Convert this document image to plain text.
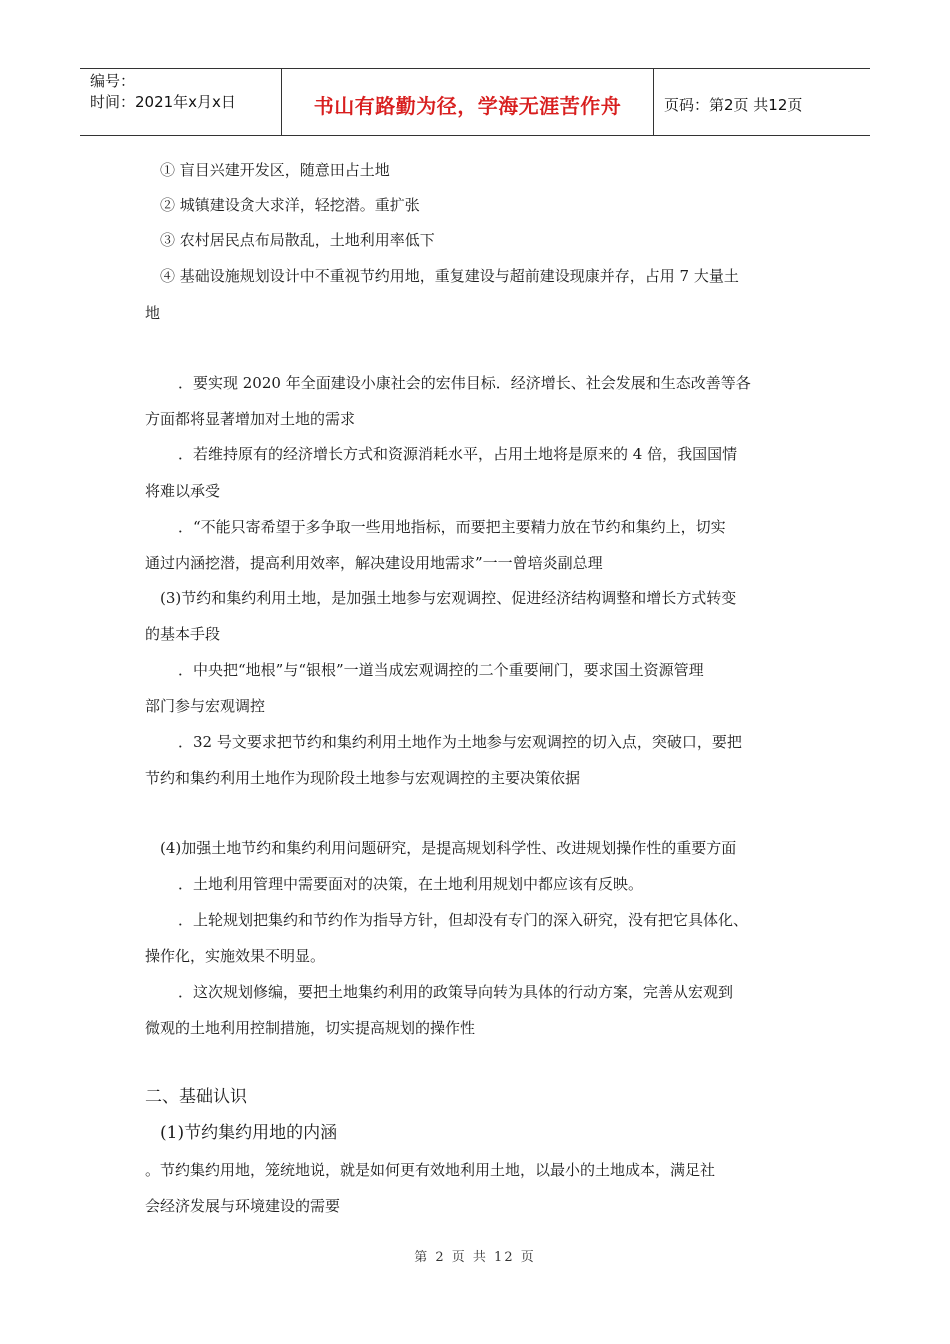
编号：
时间：2021年x月x日	书山有路勤为径，学海无涯苦作舟	页码：第2页 共12页
① 盲目兴建开发区，随意田占土地
② 城镇建设贪大求洋，轻挖潜。重扩张
③ 农村居民点布局散乱，土地利用率低下
④ 基础设施规划设计中不重视节约用地，重复建设与超前建设现康并存，占用 7 大量土
地
．要实现 2020 年全面建设小康社会的宏伟目标．经济增长、社会发展和生态改善等各
方面都将显著增加对土地的需求
．若维持原有的经济增长方式和资源消耗水平，占用土地将是原来的 4 倍，我国国情
将难以承受
．“不能只寄希望于多争取一些用地指标，而要把主要精力放在节约和集约上，切实
通过内涵挖潜，提高利用效率，解决建设用地需求”一一曾培炎副总理
(3)节约和集约利用土地，是加强土地参与宏观调控、促进经济结构调整和增长方式转变
的基本手段
．中央把“地根”与“银根”一道当成宏观调控的二个重要闸门，要求国土资源管理
部门参与宏观调控
．32 号文要求把节约和集约利用土地作为土地参与宏观调控的切入点，突破口，要把
节约和集约利用土地作为现阶段土地参与宏观调控的主要决策依据
(4)加强土地节约和集约利用问题研究，是提高规划科学性、改进规划操作性的重要方面
．土地利用管理中需要面对的决策，在土地利用规划中都应该有反映。
．上轮规划把集约和节约作为指导方针，但却没有专门的深入研究，没有把它具体化、
操作化，实施效果不明显。
．这次规划修编，要把土地集约利用的政策导向转为具体的行动方案，完善从宏观到
微观的土地利用控制措施，切实提高规划的操作性
二、基础认识
(1)节约集约用地的内涵
。节约集约用地，笼统地说，就是如何更有效地利用土地，以最小的土地成本，满足社
会经济发展与环境建设的需要
第 2 页 共 12 页
